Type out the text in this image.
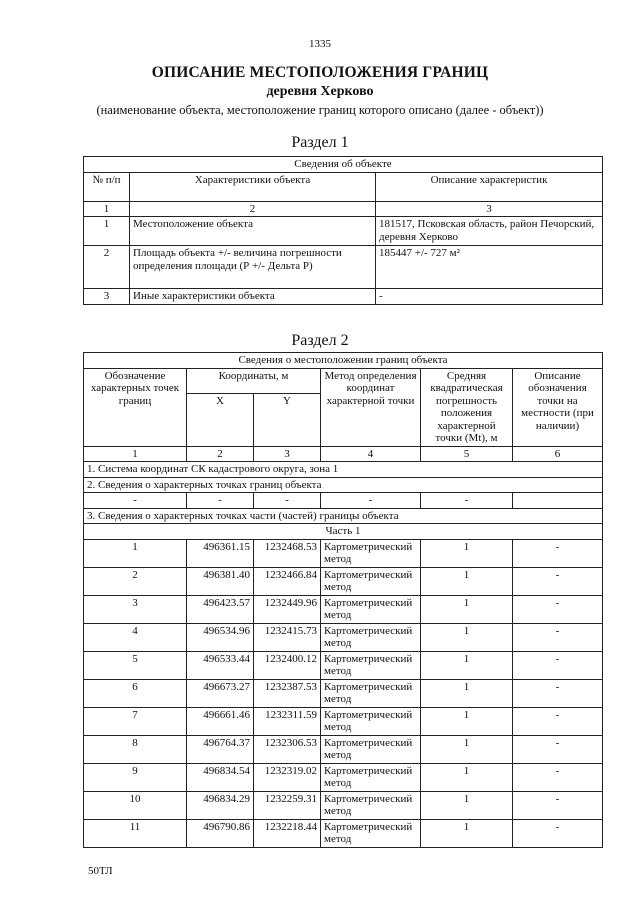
1335
ОПИСАНИЕ МЕСТОПОЛОЖЕНИЯ ГРАНИЦ
деревня Херково
(наименование объекта, местоположение границ которого описано (далее - объект))
Раздел 1
Сведения об объекте		
№ п/п	Характеристики объекта	Описание характеристик
1	2	3
1	Местоположение объекта	181517, Псковская область, район Печорский, деревня Херково
2	Площадь объекта +/- величина погрешности определения площади (Р +/- Дельта Р)	185447 +/- 727 м²
3	Иные характеристики объекта	-
Раздел 2
Сведения о местоположении границ объекта					
Обозначение характерных точек границ	Координаты, м		Метод определения координат характерной точки	Средняя квадратическая погрешность положения характерной точки (Mt), м	Описание обозначения точки на местности (при наличии)
	X	Y			
1	2	3	4	5	6
1. Система координат СК кадастрового округа, зона 1					
2. Сведения о характерных точках границ объекта					
-	-	-	-	-	
3. Сведения о характерных точках части (частей) границы объекта					
Часть 1					
1	496361.15	1232468.53	Картометрический метод	1	-
2	496381.40	1232466.84	Картометрический метод	1	-
3	496423.57	1232449.96	Картометрический метод	1	-
4	496534.96	1232415.73	Картометрический метод	1	-
5	496533.44	1232400.12	Картометрический метод	1	-
6	496673.27	1232387.53	Картометрический метод	1	-
7	496661.46	1232311.59	Картометрический метод	1	-
8	496764.37	1232306.53	Картометрический метод	1	-
9	496834.54	1232319.02	Картометрический метод	1	-
10	496834.29	1232259.31	Картометрический метод	1	-
11	496790.86	1232218.44	Картометрический метод	1	-
50ТЛ
